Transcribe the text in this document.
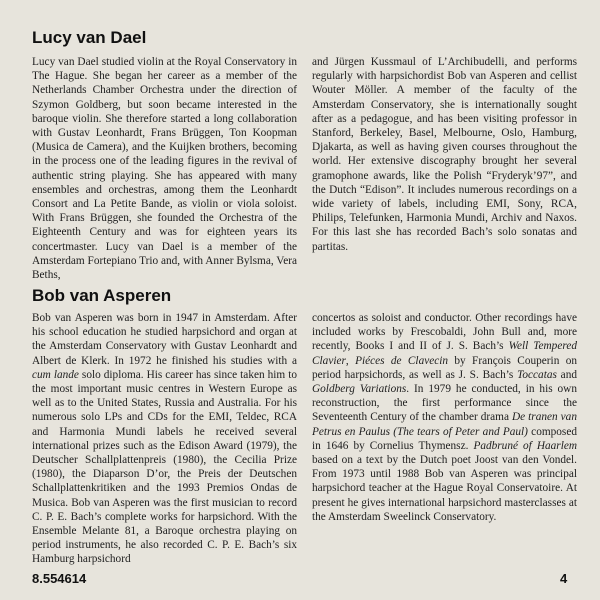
Lucy van Dael

Lucy van Dael studied violin at the Royal Conservatory in The Hague. She began her career as a member of the Netherlands Chamber Orchestra under the direction of Szymon Goldberg, but soon became interested in the baroque violin. She therefore started a long collaboration with Gustav Leonhardt, Frans Brüggen, Ton Koopman (Musica de Camera), and the Kuijken brothers, becoming in the process one of the leading figures in the revival of authentic string playing. She has appeared with many ensembles and orchestras, among them the Leonhardt Consort and La Petite Bande, as violin or viola soloist. With Frans Brüggen, she founded the Orchestra of the Eighteenth Century and was for eighteen years its concertmaster. Lucy van Dael is a member of the Amsterdam Fortepiano Trio and, with Anner Bylsma, Vera Beths,

and Jürgen Kussmaul of L’Archibudelli, and performs regularly with harpsichordist Bob van Asperen and cellist Wouter Möller. A member of the faculty of the Amsterdam Conservatory, she is internationally sought after as a pedagogue, and has been visiting professor in Stanford, Berkeley, Basel, Melbourne, Oslo, Hamburg, Djakarta, as well as having given courses throughout the world. Her extensive discography brought her several gramophone awards, like the Polish “Fryderyk’97”, and the Dutch “Edison”. It includes numerous recordings on a wide variety of labels, including EMI, Sony, RCA, Philips, Telefunken, Harmonia Mundi, Archiv and Naxos. For this last she has recorded Bach’s solo sonatas and partitas.

Bob van Asperen

Bob van Asperen was born in 1947 in Amsterdam. After his school education he studied harpsichord and organ at the Amsterdam Conservatory with Gustav Leonhardt and Albert de Klerk. In 1972 he finished his studies with a cum lande solo diploma. His career has since taken him to the most important music centres in Western Europe as well as to the United States, Russia and Australia. For his numerous solo LPs and CDs for the EMI, Teldec, RCA and Harmonia Mundi labels he received several international prizes such as the Edison Award (1979), the Deutscher Schallplattenpreis (1980), the Cecilia Prize (1980), the Diaparson D’or, the Preis der Deutschen Schallplattenkritiken and the 1993 Premios Ondas de Musica. Bob van Asperen was the first musician to record C. P. E. Bach’s complete works for harpsichord. With the Ensemble Melante 81, a Baroque orchestra playing on period instruments, he also recorded C. P. E. Bach’s six Hamburg harpsichord

concertos as soloist and conductor. Other recordings have included works by Frescobaldi, John Bull and, more recently, Books I and II of J. S. Bach’s Well Tempered Clavier, Piéces de Clavecin by François Couperin on period harpsichords, as well as J. S. Bach’s Toccatas and Goldberg Variations. In 1979 he conducted, in his own reconstruction, the first performance since the Seventeenth Century of the chamber drama De tranen van Petrus en Paulus (The tears of Peter and Paul) composed in 1646 by Cornelius Thymensz. Padbruné of Haarlem based on a text by the Dutch poet Joost van den Vondel. From 1973 until 1988 Bob van Asperen was principal harpsichord teacher at the Hague Royal Conservatoire. At present he gives international harpsichord masterclasses at the Amsterdam Sweelinck Conservatory.

8.554614	4
